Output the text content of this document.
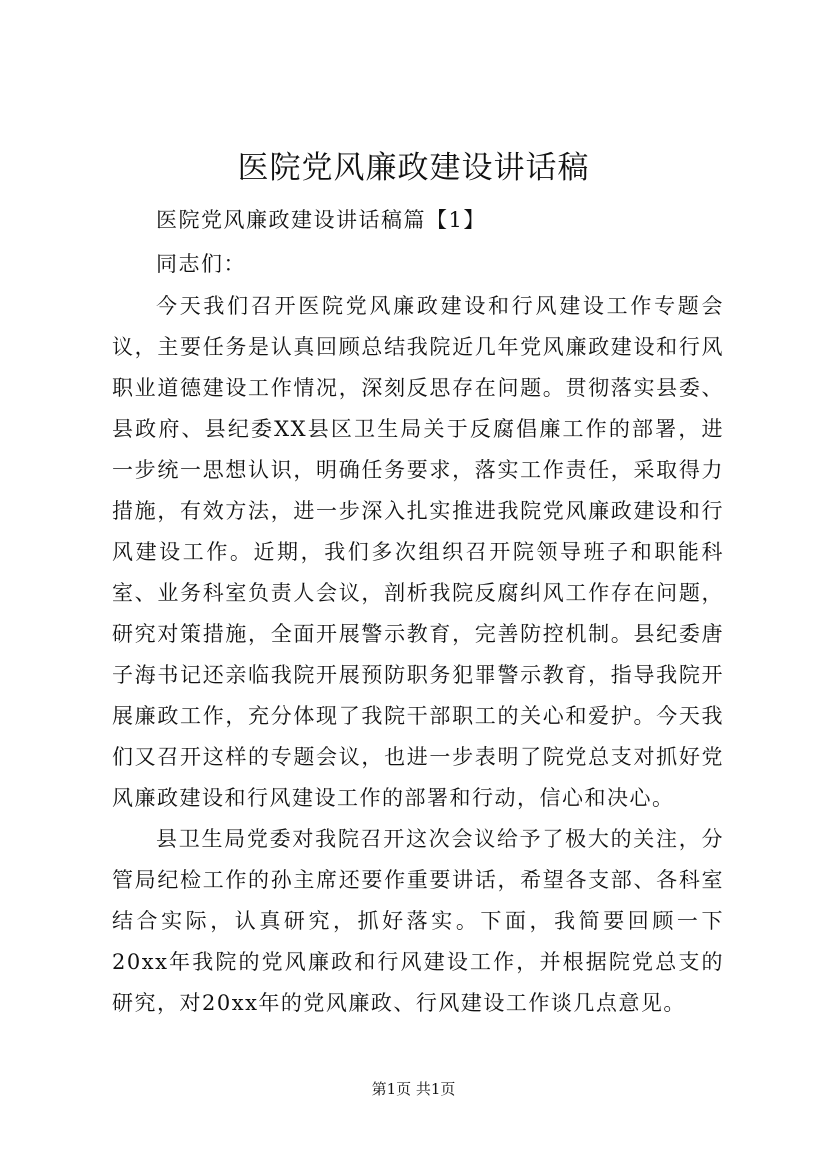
医院党风廉政建设讲话稿

医院党风廉政建设讲话稿篇【1】

同志们：

今天我们召开医院党风廉政建设和行风建设工作专题会议，主要任务是认真回顾总结我院近几年党风廉政建设和行风职业道德建设工作情况，深刻反思存在问题。贯彻落实县委、县政府、县纪委XX县区卫生局关于反腐倡廉工作的部署，进一步统一思想认识，明确任务要求，落实工作责任，采取得力措施，有效方法，进一步深入扎实推进我院党风廉政建设和行风建设工作。近期，我们多次组织召开院领导班子和职能科室、业务科室负责人会议，剖析我院反腐纠风工作存在问题，研究对策措施，全面开展警示教育，完善防控机制。县纪委唐子海书记还亲临我院开展预防职务犯罪警示教育，指导我院开展廉政工作，充分体现了我院干部职工的关心和爱护。今天我们又召开这样的专题会议，也进一步表明了院党总支对抓好党风廉政建设和行风建设工作的部署和行动，信心和决心。

县卫生局党委对我院召开这次会议给予了极大的关注，分管局纪检工作的孙主席还要作重要讲话，希望各支部、各科室结合实际，认真研究，抓好落实。下面，我简要回顾一下20xx年我院的党风廉政和行风建设工作，并根据院党总支的研究，对20xx年的党风廉政、行风建设工作谈几点意见。

第1页 共1页
